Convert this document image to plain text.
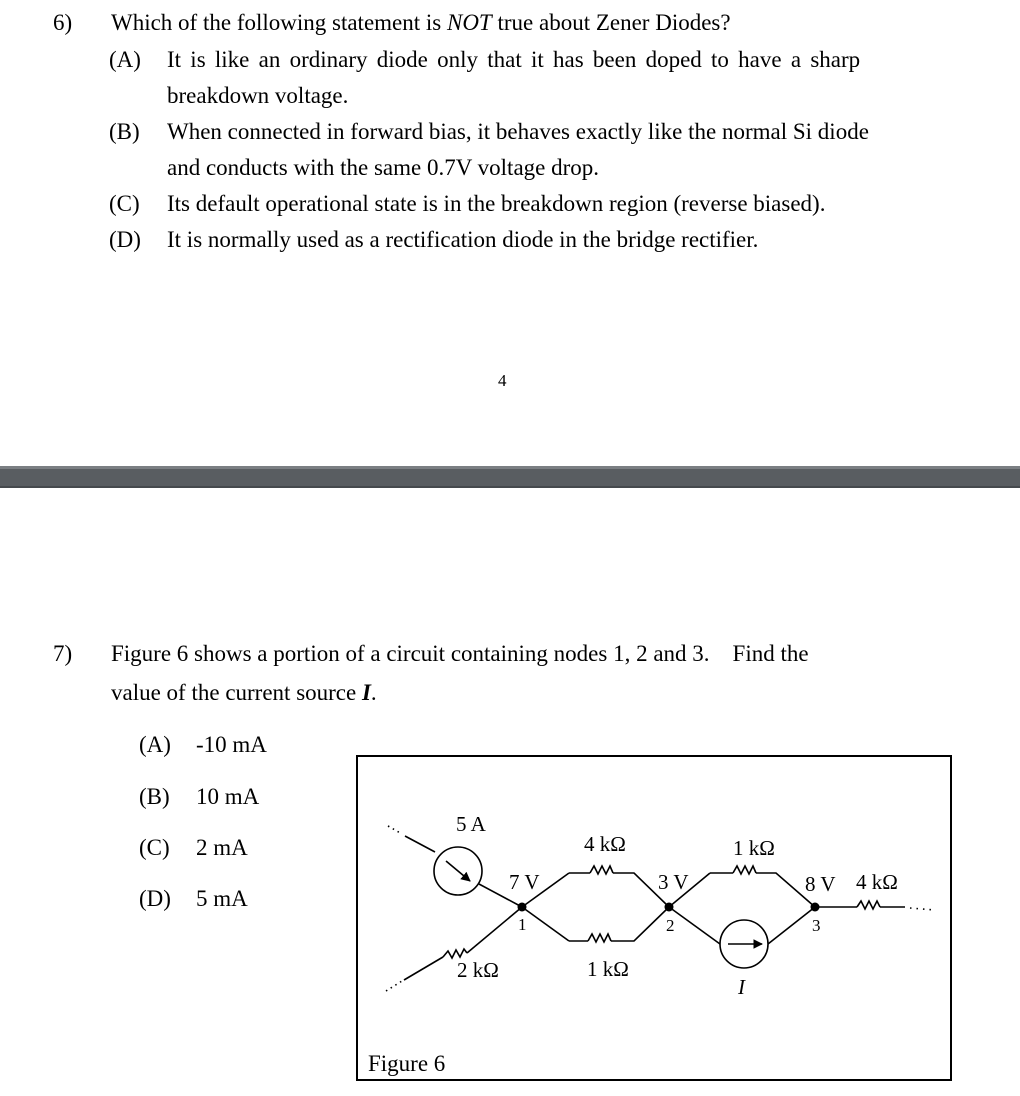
6) Which of the following statement is NOT true about Zener Diodes?
(A) It is like an ordinary diode only that it has been doped to have a sharp
breakdown voltage.
(B) When connected in forward bias, it behaves exactly like the normal Si diode
and conducts with the same 0.7V voltage drop.
(C) Its default operational state is in the breakdown region (reverse biased).
(D) It is normally used as a rectification diode in the bridge rectifier.
4
7) Figure 6 shows a portion of a circuit containing nodes 1, 2 and 3.    Find the
value of the current source I.
(A) -10 mA
(B) 10 mA
(C) 2 mA
(D) 5 mA
5 A
7 V
1
4 kΩ
1 kΩ
3 V
2
1 kΩ
8 V
3
4 kΩ
2 kΩ
I
Figure 6
